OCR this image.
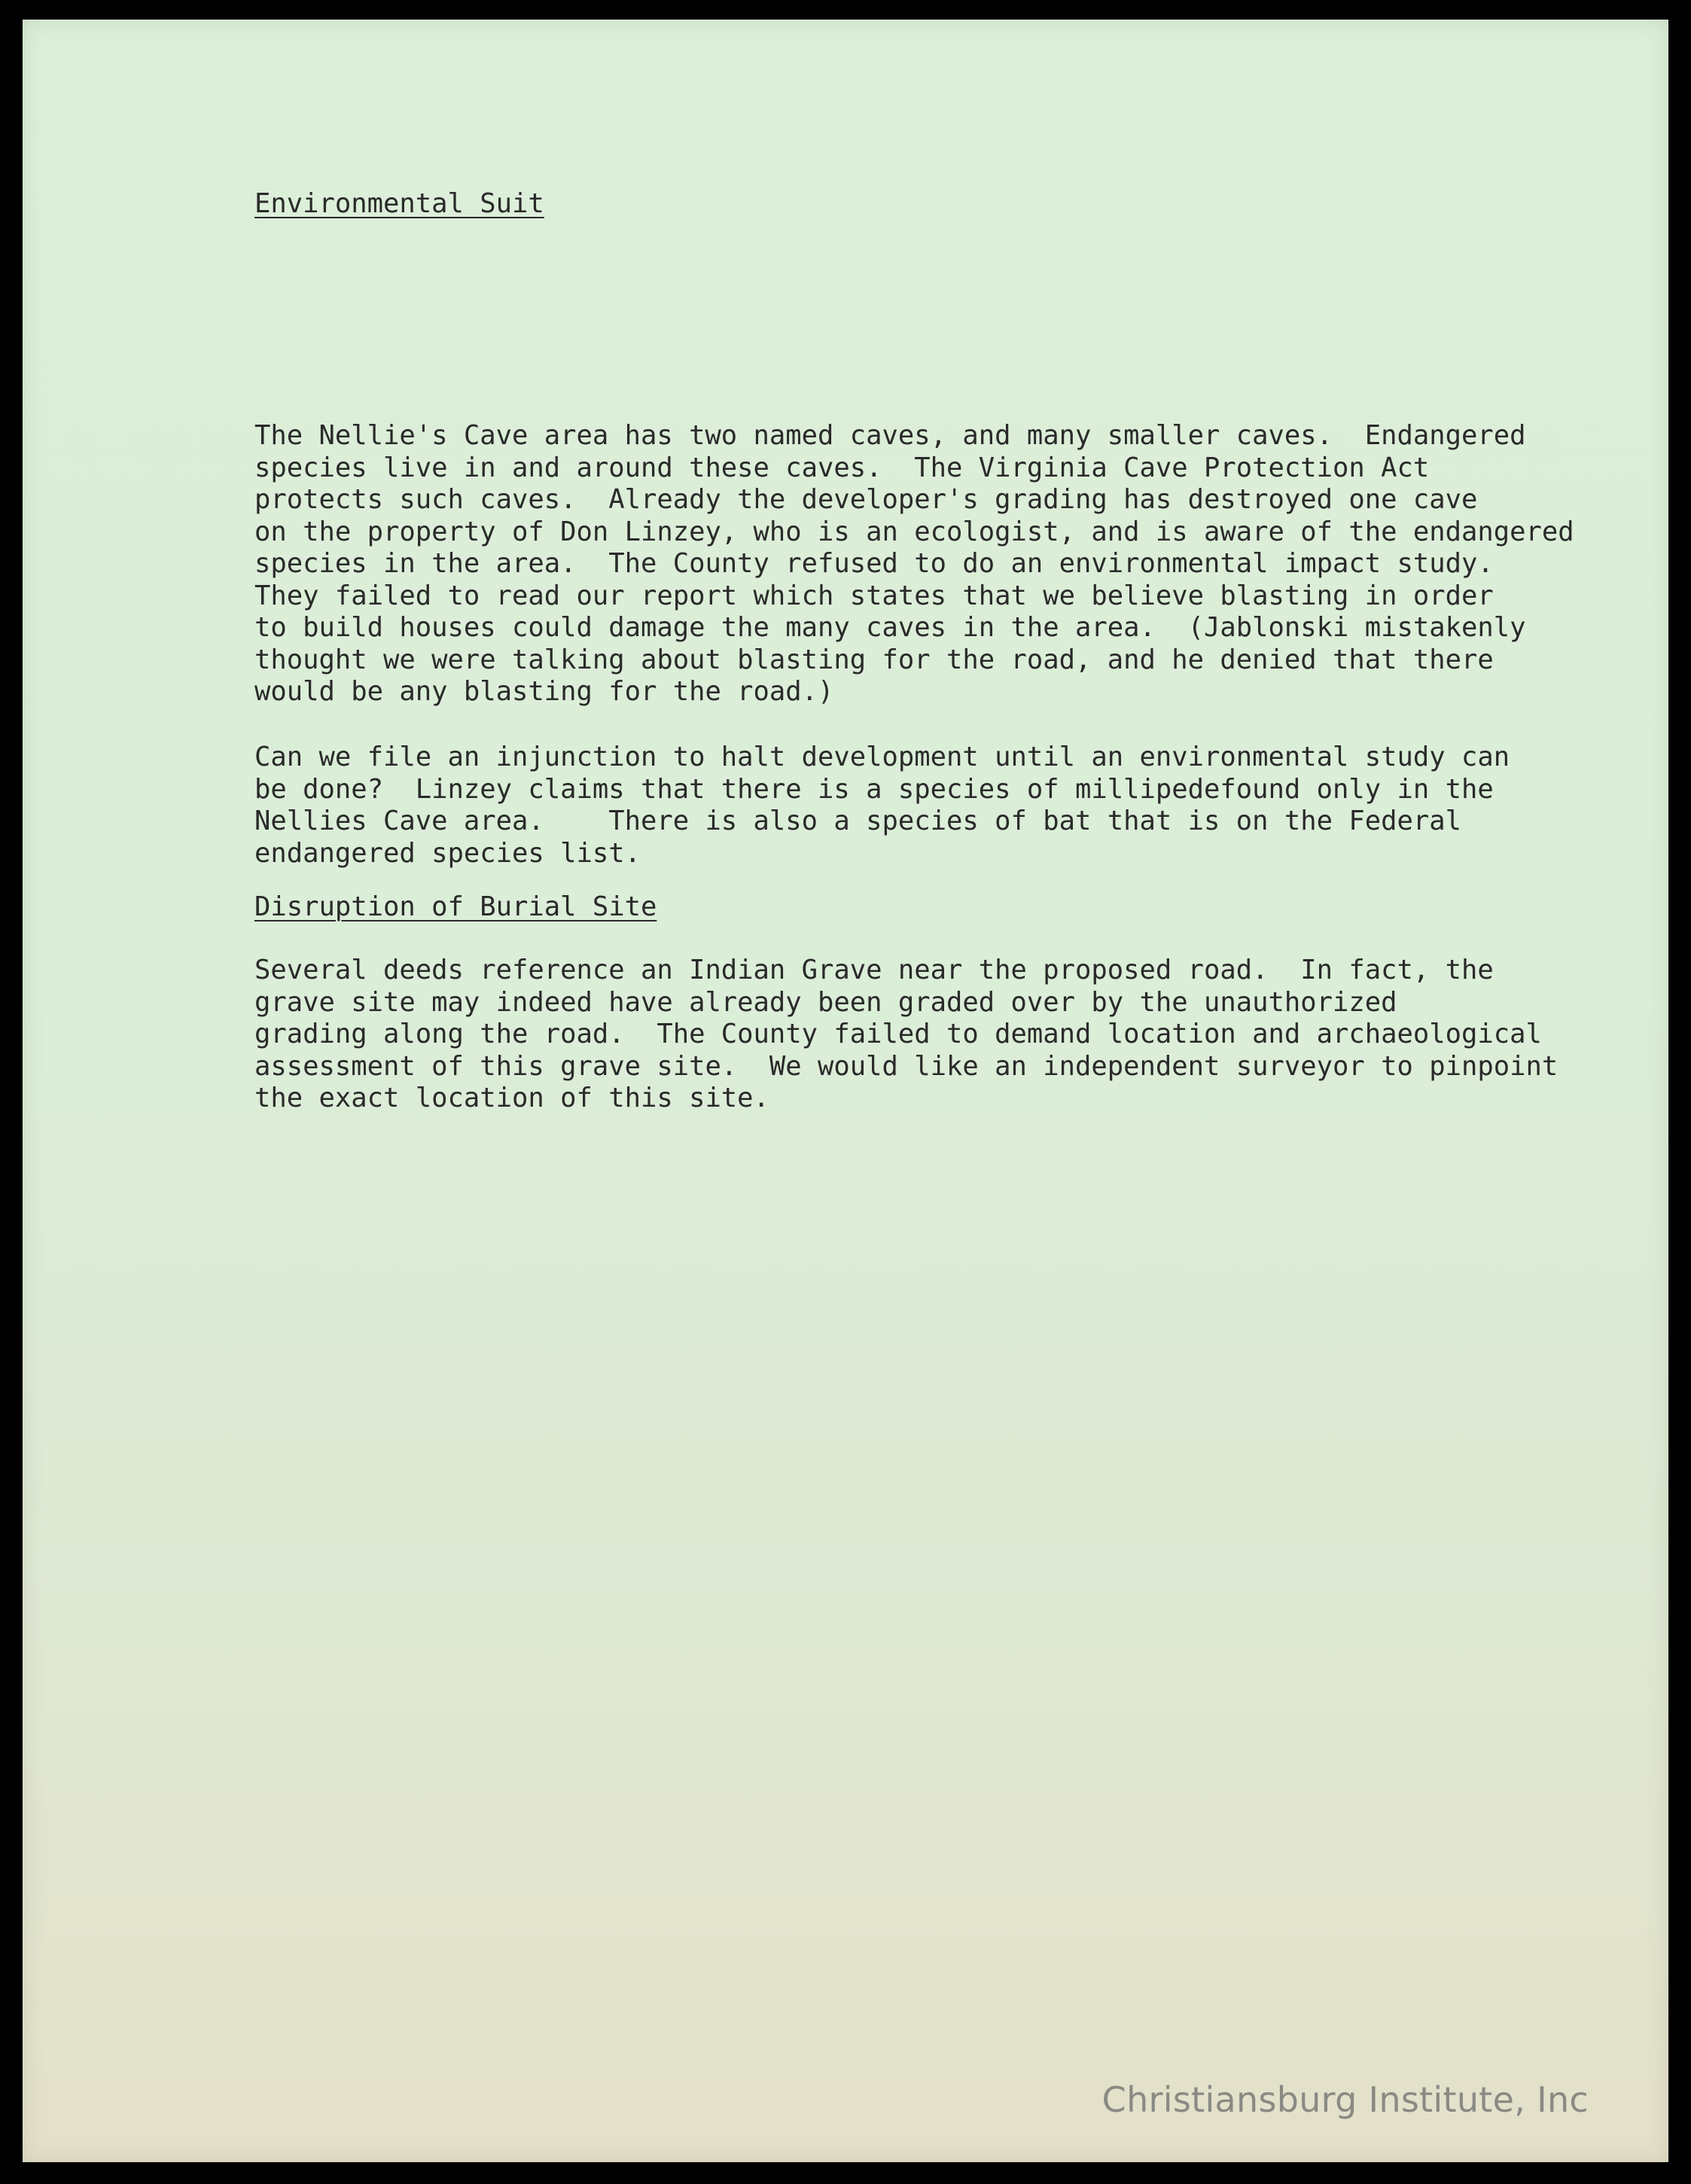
Environmental Suit
The Nellie's Cave area has two named caves, and many smaller caves.  Endangered
species live in and around these caves.  The Virginia Cave Protection Act
protects such caves.  Already the developer's grading has destroyed one cave
on the property of Don Linzey, who is an ecologist, and is aware of the endangered
species in the area.  The County refused to do an environmental impact study.
They failed to read our report which states that we believe blasting in order
to build houses could damage the many caves in the area.  (Jablonski mistakenly
thought we were talking about blasting for the road, and he denied that there
would be any blasting for the road.)
Can we file an injunction to halt development until an environmental study can
be done?  Linzey claims that there is a species of millipedefound only in the
Nellies Cave area.    There is also a species of bat that is on the Federal
endangered species list.
Disruption of Burial Site
Several deeds reference an Indian Grave near the proposed road.  In fact, the
grave site may indeed have already been graded over by the unauthorized
grading along the road.  The County failed to demand location and archaeological
assessment of this grave site.  We would like an independent surveyor to pinpoint
the exact location of this site.
Christiansburg Institute, Inc
